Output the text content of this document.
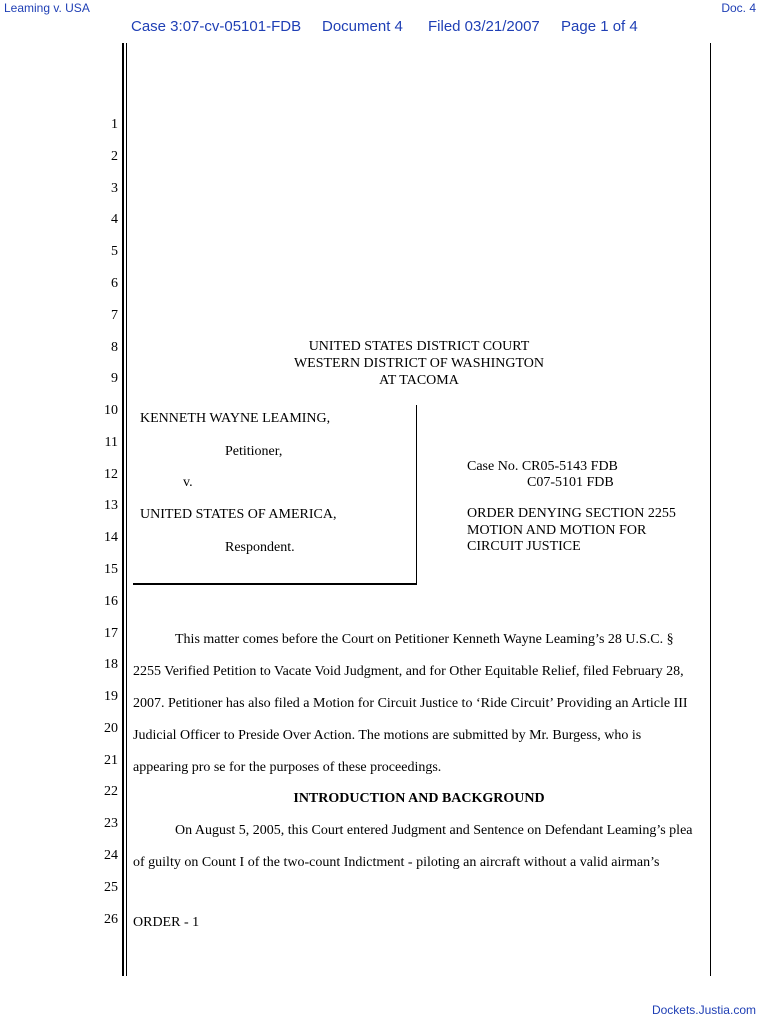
Leaming v. USA	Doc. 4
Case 3:07-cv-05101-FDB Document 4 Filed 03/21/2007 Page 1 of 4
1
2
3
4
5
6
7
8
9
10
11
12
13
14
15
16
17
18
19
20
21
22
23
24
25
26
UNITED STATES DISTRICT COURT
WESTERN DISTRICT OF WASHINGTON
AT TACOMA
KENNETH WAYNE LEAMING,
Petitioner,
v.
UNITED STATES OF AMERICA,
Respondent.
Case No. CR05-5143 FDB
C07-5101 FDB
ORDER DENYING SECTION 2255
MOTION AND MOTION FOR
CIRCUIT JUSTICE
This matter comes before the Court on Petitioner Kenneth Wayne Leaming’s 28 U.S.C. §
2255 Verified Petition to Vacate Void Judgment, and for Other Equitable Relief, filed February 28,
2007. Petitioner has also filed a Motion for Circuit Justice to ‘Ride Circuit’ Providing an Article III
Judicial Officer to Preside Over Action. The motions are submitted by Mr. Burgess, who is
appearing pro se for the purposes of these proceedings.
INTRODUCTION AND BACKGROUND
On August 5, 2005, this Court entered Judgment and Sentence on Defendant Leaming’s plea
of guilty on Count I of the two-count Indictment - piloting an aircraft without a valid airman’s
ORDER - 1
Dockets.Justia.com
